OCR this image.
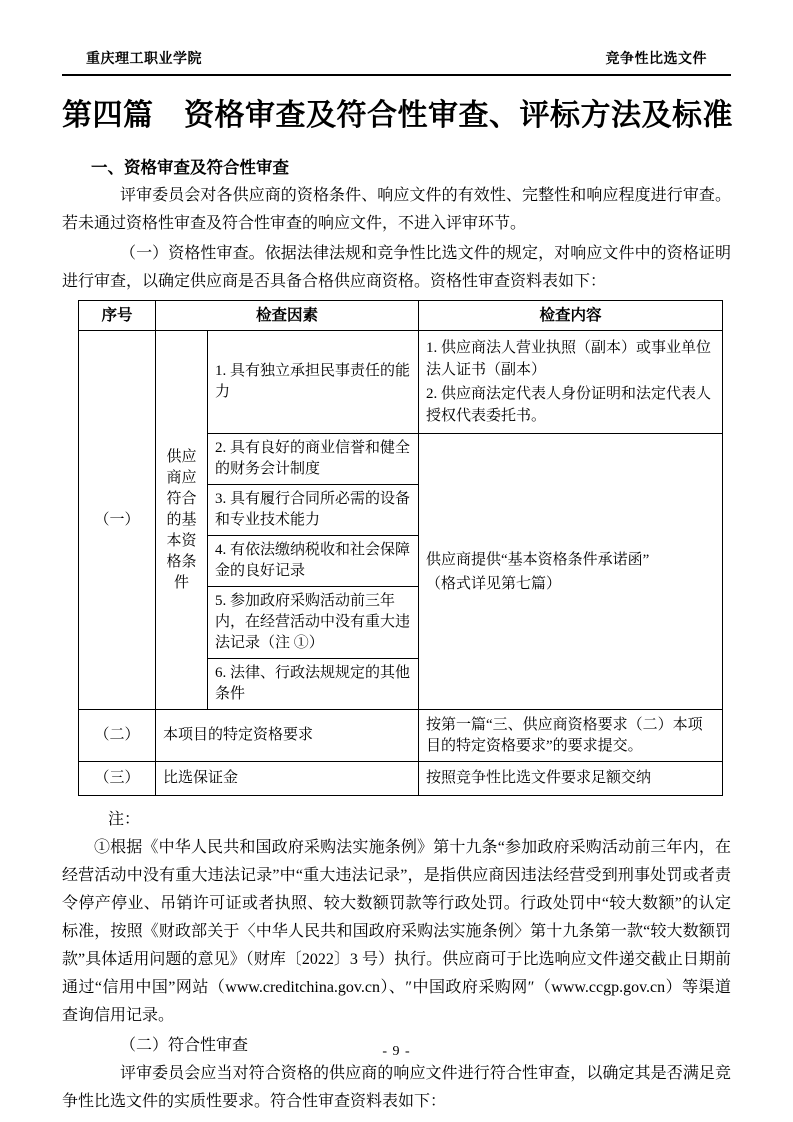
重庆理工职业学院	竞争性比选文件
第四篇　资格审查及符合性审查、评标方法及标准
一、资格审查及符合性审查

评审委员会对各供应商的资格条件、响应文件的有效性、完整性和响应程度进行审查。若未通过资格性审查及符合性审查的响应文件，不进入评审环节。

（一）资格性审查。依据法律法规和竞争性比选文件的规定，对响应文件中的资格证明进行审查，以确定供应商是否具备合格供应商资格。资格性审查资料表如下：

序号	检查因素		检查内容
（一）	供应商应符合的基本资格条件	1. 具有独立承担民事责任的能力	1. 供应商法人营业执照（副本）或事业单位法人证书（副本）
2. 供应商法定代表人身份证明和法定代表人授权代表委托书。

		2. 具有良好的商业信誉和健全的财务会计制度	供应商提供“基本资格条件承诺函”
（格式详见第七篇）

		3. 具有履行合同所必需的设备和专业技术能力	
		4. 有依法缴纳税收和社会保障金的良好记录	
		5. 参加政府采购活动前三年内，在经营活动中没有重大违法记录（注 ①）	
		6. 法律、行政法规规定的其他条件	
（二）	本项目的特定资格要求		按第一篇“三、供应商资格要求（二）本项目的特定资格要求”的要求提交。
（三）	比选保证金		按照竞争性比选文件要求足额交纳

注：

①根据《中华人民共和国政府采购法实施条例》第十九条“参加政府采购活动前三年内，在经营活动中没有重大违法记录”中“重大违法记录”，是指供应商因违法经营受到刑事处罚或者责令停产停业、吊销许可证或者执照、较大数额罚款等行政处罚。行政处罚中“较大数额”的认定标准，按照《财政部关于〈中华人民共和国政府采购法实施条例〉第十九条第一款“较大数额罚款”具体适用问题的意见》（财库〔2022〕3 号）执行。供应商可于比选响应文件递交截止日期前通过“信用中国”网站（www.creditchina.gov.cn）、″中国政府采购网″（www.ccgp.gov.cn）等渠道查询信用记录。

（二）符合性审查

评审委员会应当对符合资格的供应商的响应文件进行符合性审查，以确定其是否满足竞争性比选文件的实质性要求。符合性审查资料表如下：

- 9 -
